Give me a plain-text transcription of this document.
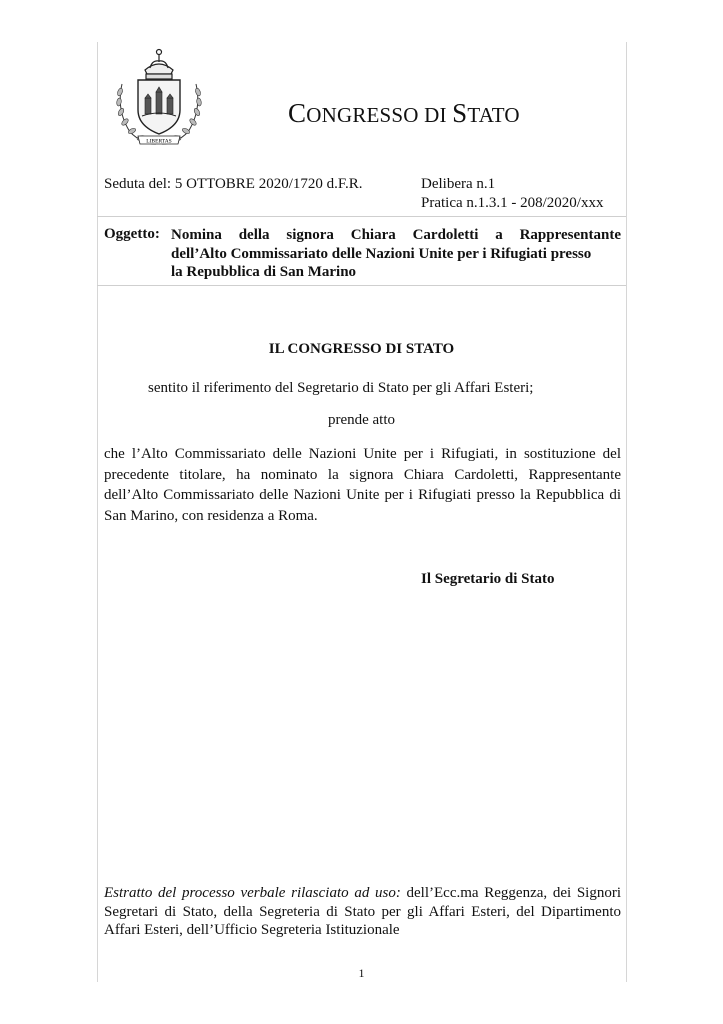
LIBERTAS
CONGRESSO DI STATO
Seduta del: 5 OTTOBRE 2020/1720 d.F.R.	Delibera n.1
Pratica n.1.3.1 - 208/2020/xxx
Oggetto: Nomina della signora Chiara Cardoletti a Rappresentante
dell’Alto Commissariato delle Nazioni Unite per i Rifugiati presso
la Repubblica di San Marino
IL CONGRESSO DI STATO
sentito il riferimento del Segretario di Stato per gli Affari Esteri;
prende atto
che l’Alto Commissariato delle Nazioni Unite per i Rifugiati, in sostituzione del
precedente titolare, ha nominato la signora Chiara Cardoletti, Rappresentante
dell’Alto Commissariato delle Nazioni Unite per i Rifugiati presso la Repubblica di
San Marino, con residenza a Roma.
Il Segretario di Stato
Estratto del processo verbale rilasciato ad uso: dell’Ecc.ma Reggenza, dei Signori
Segretari di Stato, della Segreteria di Stato per gli Affari Esteri, del Dipartimento
Affari Esteri, dell’Ufficio Segreteria Istituzionale
1
